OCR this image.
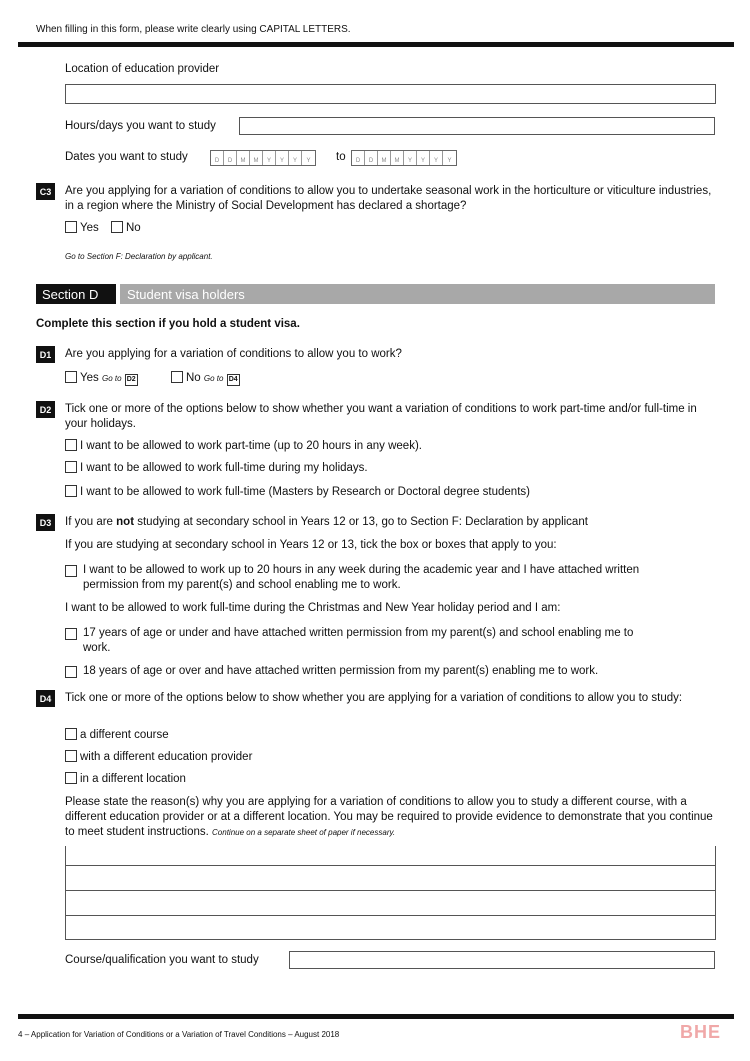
When filling in this form, please write clearly using CAPITAL LETTERS.
Location of education provider
Hours/days you want to study
Dates you want to study	D	D	M	M	Y	Y	Y	Y	to	D	D	M	M	Y	Y	Y	Y
C3	Are you applying for a variation of conditions to allow you to undertake seasonal work in the horticulture or viticulture industries, in a region where the Ministry of Social Development has declared a shortage?
Yes	No
Go to Section F: Declaration by applicant.
Section D	Student visa holders
Complete this section if you hold a student visa.
D1	Are you applying for a variation of conditions to allow you to work?
Yes Go to D2	No Go to D4
D2	Tick one or more of the options below to show whether you want a variation of conditions to work part-time and/or full-time in your holidays.
I want to be allowed to work part-time (up to 20 hours in any week).
I want to be allowed to work full-time during my holidays.
I want to be allowed to work full-time (Masters by Research or Doctoral degree students)
D3	If you are not studying at secondary school in Years 12 or 13, go to Section F: Declaration by applicant
If you are studying at secondary school in Years 12 or 13, tick the box or boxes that apply to you:
I want to be allowed to work up to 20 hours in any week during the academic year and I have attached written permission from my parent(s) and school enabling me to work.
I want to be allowed to work full-time during the Christmas and New Year holiday period and I am:
17 years of age or under and have attached written permission from my parent(s) and school enabling me to work.
18 years of age or over and have attached written permission from my parent(s) enabling me to work.
D4	Tick one or more of the options below to show whether you are applying for a variation of conditions to allow you to study:
a different course
with a different education provider
in a different location
Please state the reason(s) why you are applying for a variation of conditions to allow you to study a different course, with a different education provider or at a different location. You may be required to provide evidence to demonstrate that you continue to meet student instructions. Continue on a separate sheet of paper if necessary.
Course/qualification you want to study
4 – Application for Variation of Conditions or a Variation of Travel Conditions – August 2018	BHE
